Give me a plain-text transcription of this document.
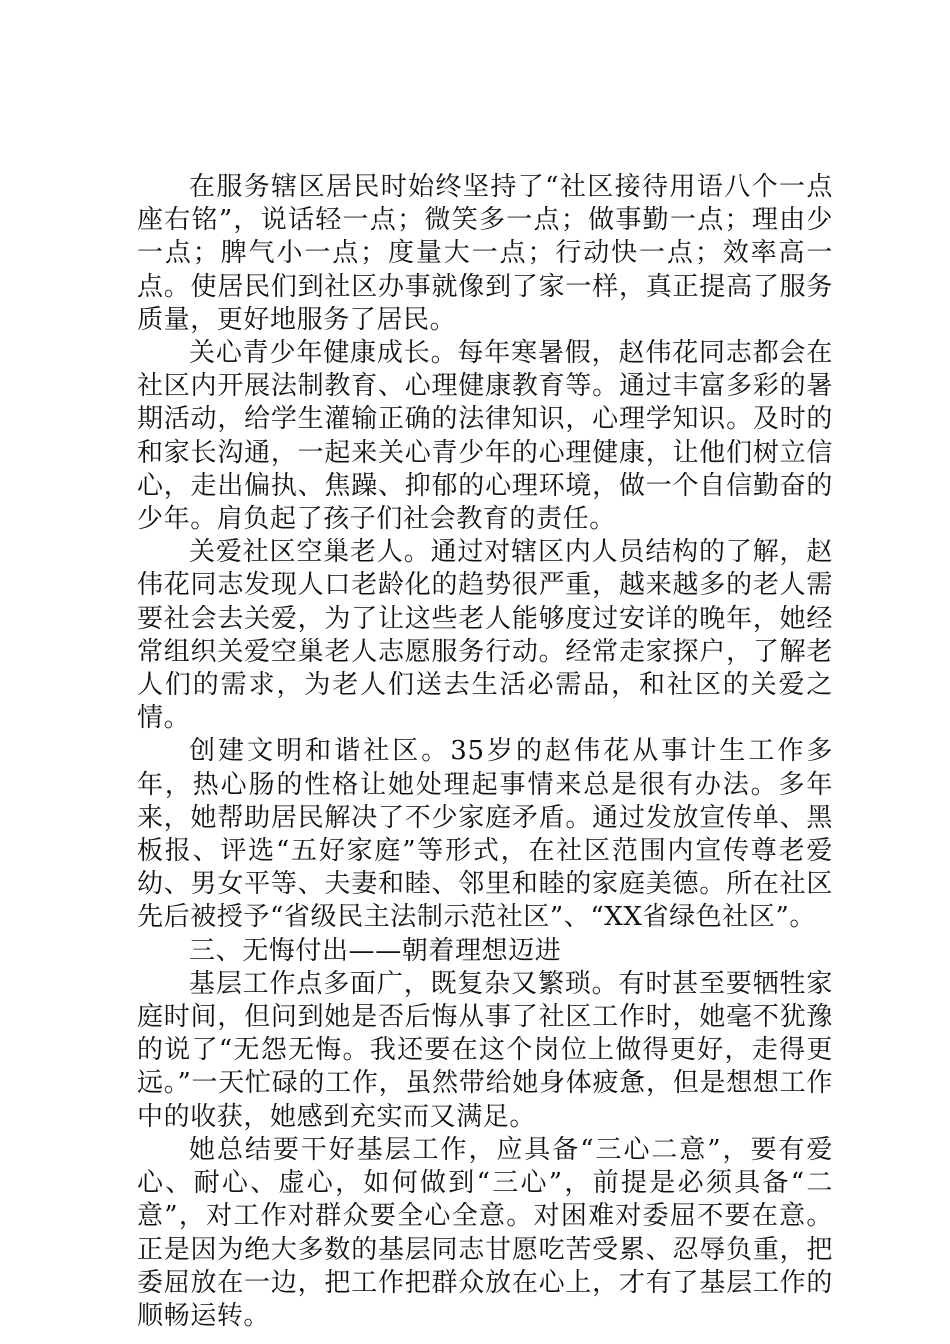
在服务辖区居民时始终坚持了“社区接待用语八个一点座右铭”，说话轻一点；微笑多一点；做事勤一点；理由少一点；脾气小一点；度量大一点；行动快一点；效率高一点。使居民们到社区办事就像到了家一样，真正提高了服务质量，更好地服务了居民。

关心青少年健康成长。每年寒暑假，赵伟花同志都会在社区内开展法制教育、心理健康教育等。通过丰富多彩的暑期活动，给学生灌输正确的法律知识，心理学知识。及时的和家长沟通，一起来关心青少年的心理健康，让他们树立信心，走出偏执、焦躁、抑郁的心理环境，做一个自信勤奋的少年。肩负起了孩子们社会教育的责任。

关爱社区空巢老人。通过对辖区内人员结构的了解，赵伟花同志发现人口老龄化的趋势很严重，越来越多的老人需要社会去关爱，为了让这些老人能够度过安详的晚年，她经常组织关爱空巢老人志愿服务行动。经常走家探户，了解老人们的需求，为老人们送去生活必需品，和社区的关爱之情。

创建文明和谐社区。35岁的赵伟花从事计生工作多年，热心肠的性格让她处理起事情来总是很有办法。多年来，她帮助居民解决了不少家庭矛盾。通过发放宣传单、黑板报、评选“五好家庭”等形式，在社区范围内宣传尊老爱幼、男女平等、夫妻和睦、邻里和睦的家庭美德。所在社区先后被授予“省级民主法制示范社区”、“XX省绿色社区”。

三、无悔付出——朝着理想迈进

基层工作点多面广，既复杂又繁琐。有时甚至要牺牲家庭时间，但问到她是否后悔从事了社区工作时，她毫不犹豫的说了“无怨无悔。我还要在这个岗位上做得更好，走得更远。”一天忙碌的工作，虽然带给她身体疲惫，但是想想工作中的收获，她感到充实而又满足。

她总结要干好基层工作，应具备“三心二意”，要有爱心、耐心、虚心，如何做到“三心”，前提是必须具备“二意”，对工作对群众要全心全意。对困难对委屈不要在意。正是因为绝大多数的基层同志甘愿吃苦受累、忍辱负重，把委屈放在一边，把工作把群众放在心上，才有了基层工作的顺畅运转。
